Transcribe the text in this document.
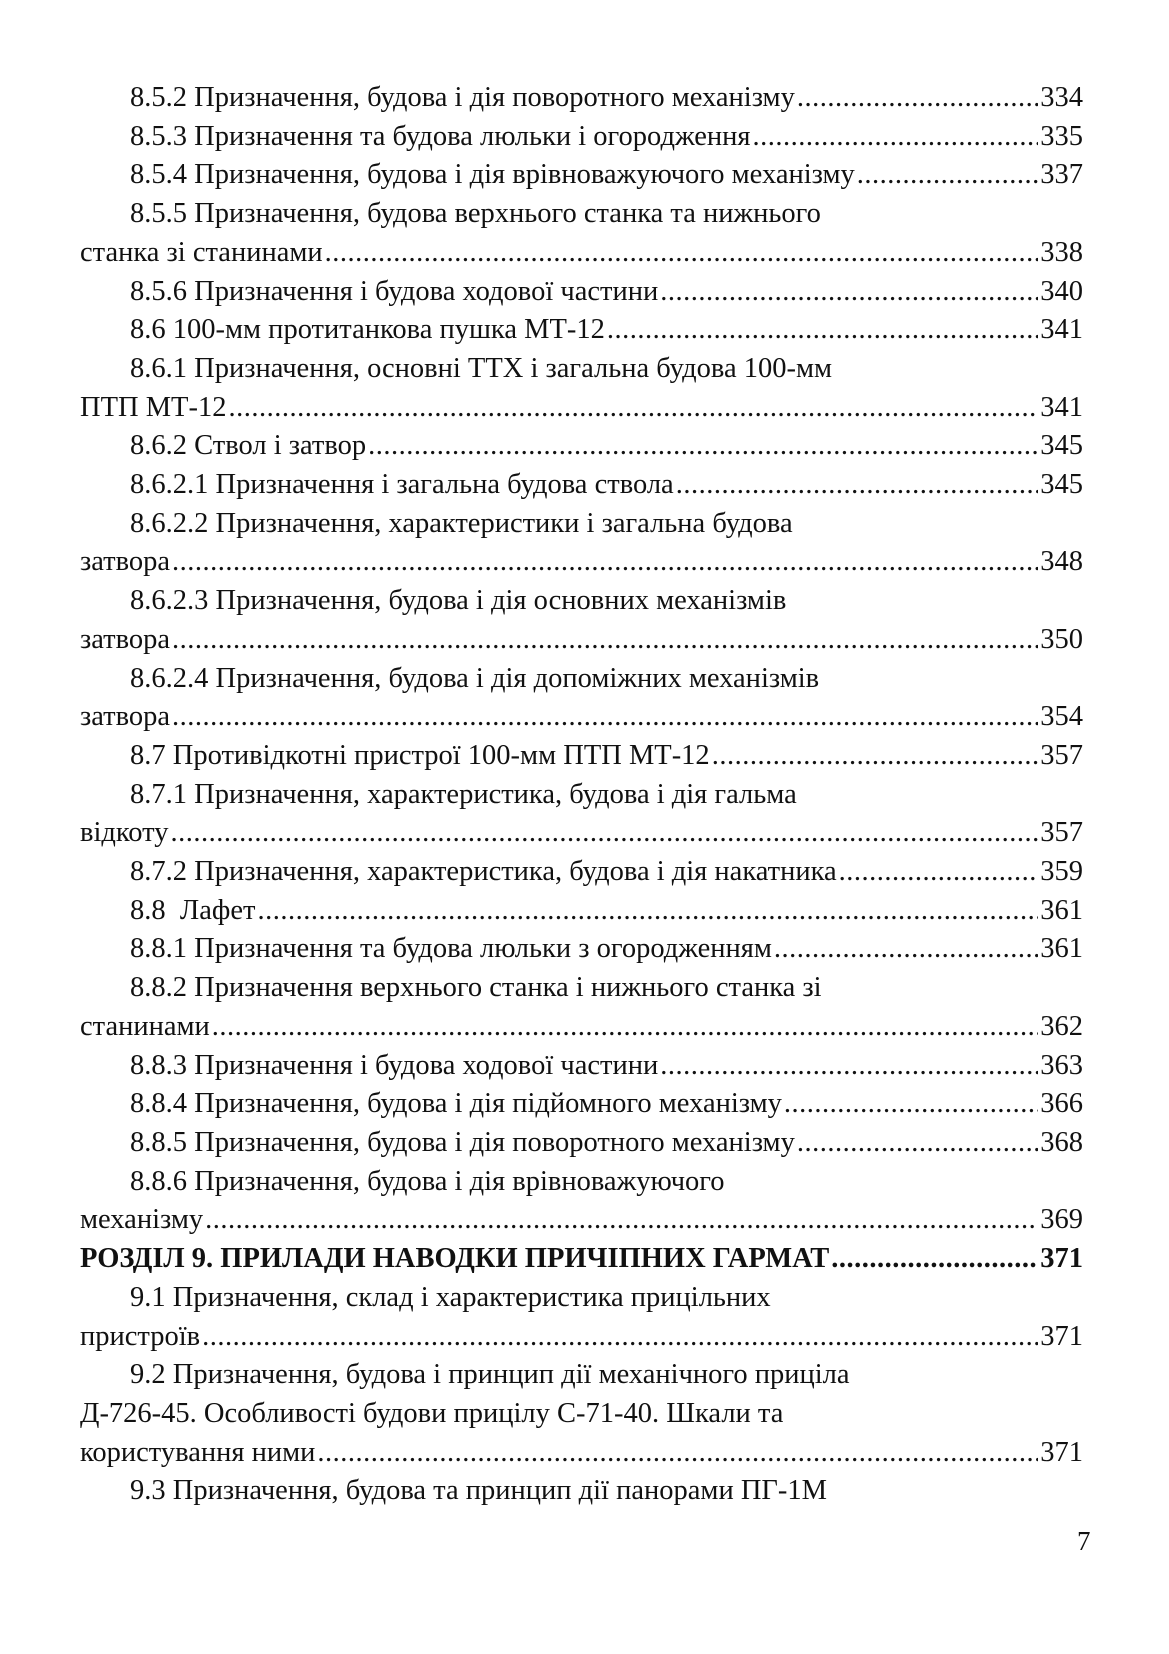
8.5.2 Призначення, будова і дія поворотного механізму .....	334
8.5.3 Призначення та будова люльки і огородження .....	335
8.5.4 Призначення, будова і дія врівноважуючого механізму .....	337
8.5.5 Призначення, будова верхнього станка та нижнього
станка зі станинами .....	338
8.5.6 Призначення і будова ходової частини .....	340
8.6 100-мм протитанкова пушка МТ-12 .....	341
8.6.1 Призначення, основні ТТХ і загальна будова 100-мм
ПТП МТ-12 .....	341
8.6.2 Ствол і затвор .....	345
8.6.2.1 Призначення і загальна будова ствола .....	345
8.6.2.2 Призначення, характеристики і загальна будова
затвора .....	348
8.6.2.3 Призначення, будова і дія основних механізмів
затвора .....	350
8.6.2.4 Призначення, будова і дія допоміжних механізмів
затвора .....	354
8.7 Противідкотні пристрої 100-мм ПТП МТ-12 .....	357
8.7.1 Призначення, характеристика, будова і дія гальма
відкоту .....	357
8.7.2 Призначення, характеристика, будова і дія накатника .....	359
8.8  Лафет .....	361
8.8.1 Призначення та будова люльки з огородженням .....	361
8.8.2 Призначення верхнього станка і нижнього станка зі
станинами .....	362
8.8.3 Призначення і будова ходової частини .....	363
8.8.4 Призначення, будова і дія підйомного механізму .....	366
8.8.5 Призначення, будова і дія поворотного механізму .....	368
8.8.6 Призначення, будова і дія врівноважуючого
механізму .....	369
РОЗДІЛ 9. ПРИЛАДИ НАВОДКИ ПРИЧІПНИХ ГАРМАТ .....	371
9.1 Призначення, склад і характеристика прицільних
пристроїв .....	371
9.2 Призначення, будова і принцип дії механічного приціла
Д-726-45. Особливості будови прицілу С-71-40. Шкали та
користування ними .....	371
9.3 Призначення, будова та принцип дії панорами ПГ-1М
7
